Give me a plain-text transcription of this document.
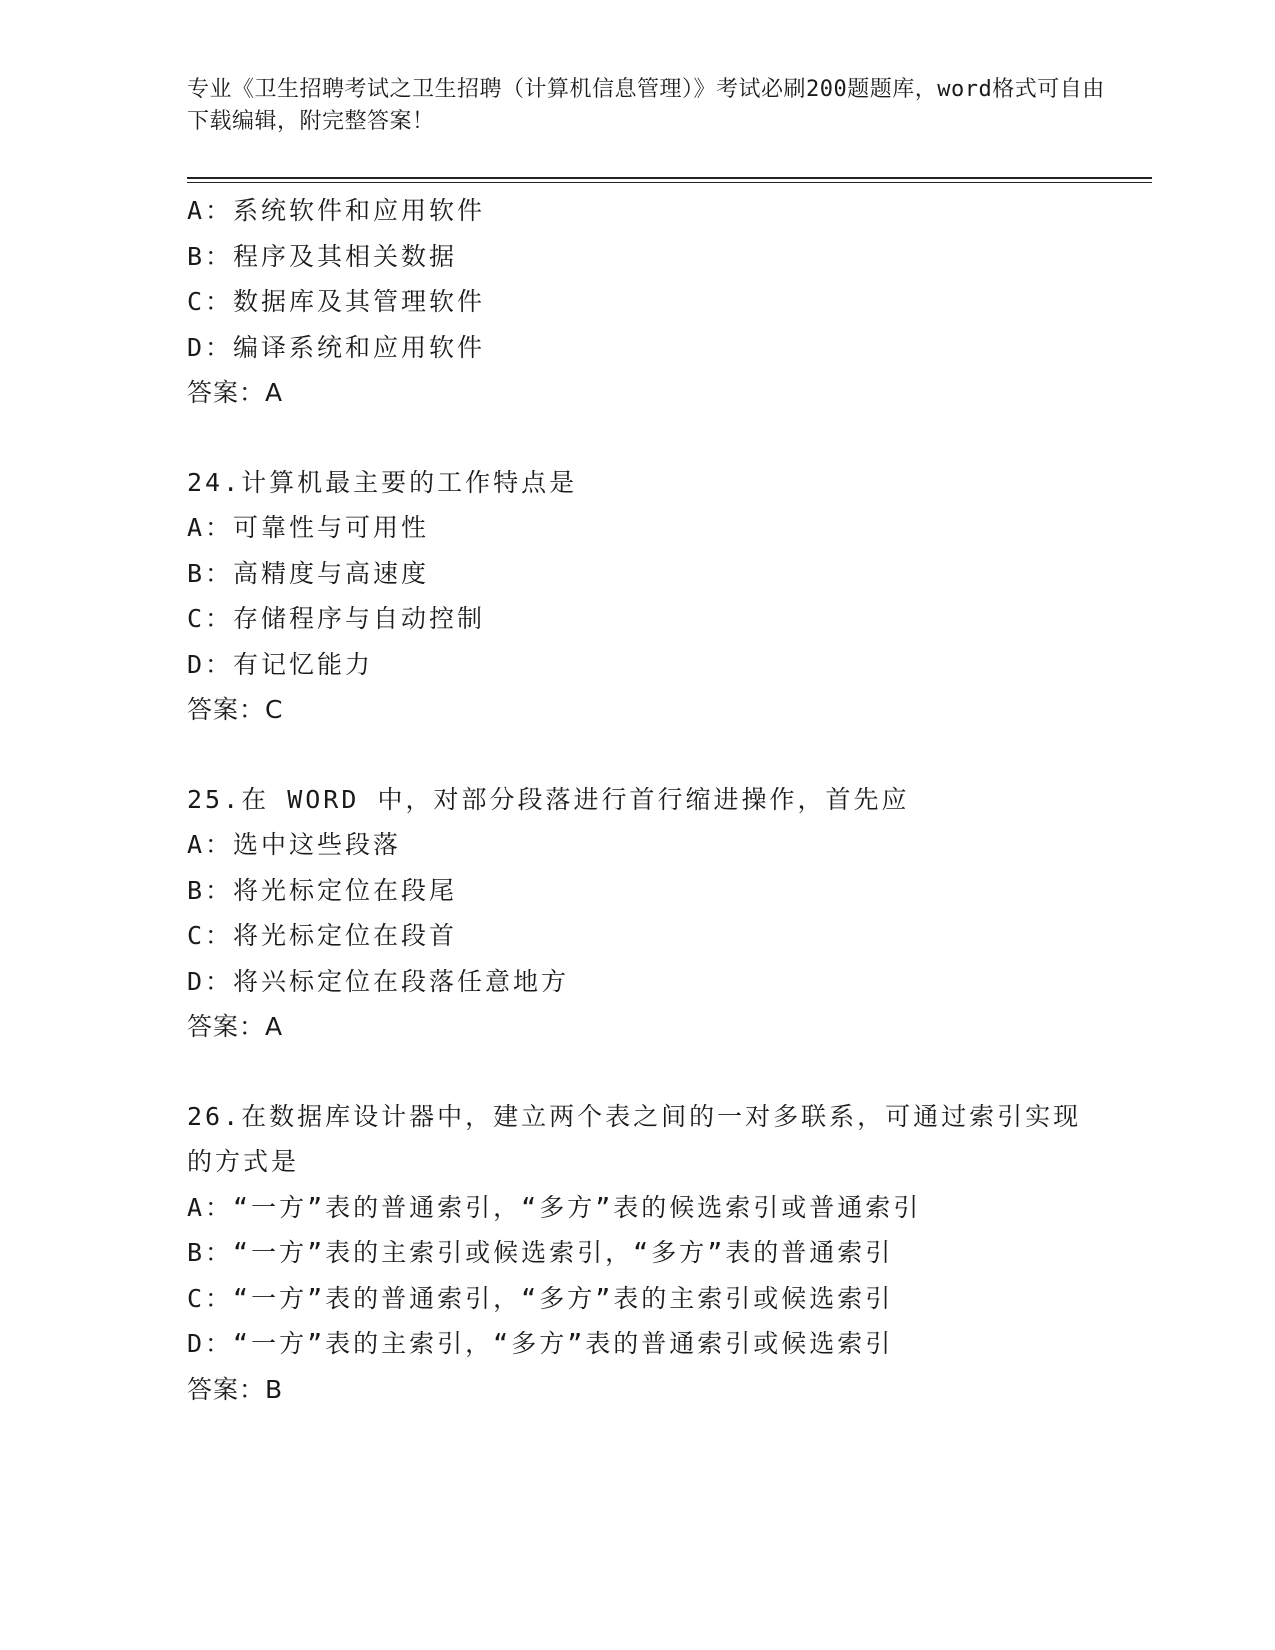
专业《卫生招聘考试之卫生招聘（计算机信息管理）》考试必刷200题题库，word格式可自由下载编辑，附完整答案！
A：系统软件和应用软件
B：程序及其相关数据
C：数据库及其管理软件
D：编译系统和应用软件
答案：A
24.计算机最主要的工作特点是
A：可靠性与可用性
B：高精度与高速度
C：存储程序与自动控制
D：有记忆能力
答案：C
25.在 WORD 中，对部分段落进行首行缩进操作，首先应
A：选中这些段落
B：将光标定位在段尾
C：将光标定位在段首
D：将兴标定位在段落任意地方
答案：A
26.在数据库设计器中，建立两个表之间的一对多联系，可通过索引实现的方式是
A：“一方”表的普通索引，“多方”表的候选索引或普通索引
B：“一方”表的主索引或候选索引，“多方”表的普通索引
C：“一方”表的普通索引，“多方”表的主索引或候选索引
D：“一方”表的主索引，“多方”表的普通索引或候选索引
答案：B
